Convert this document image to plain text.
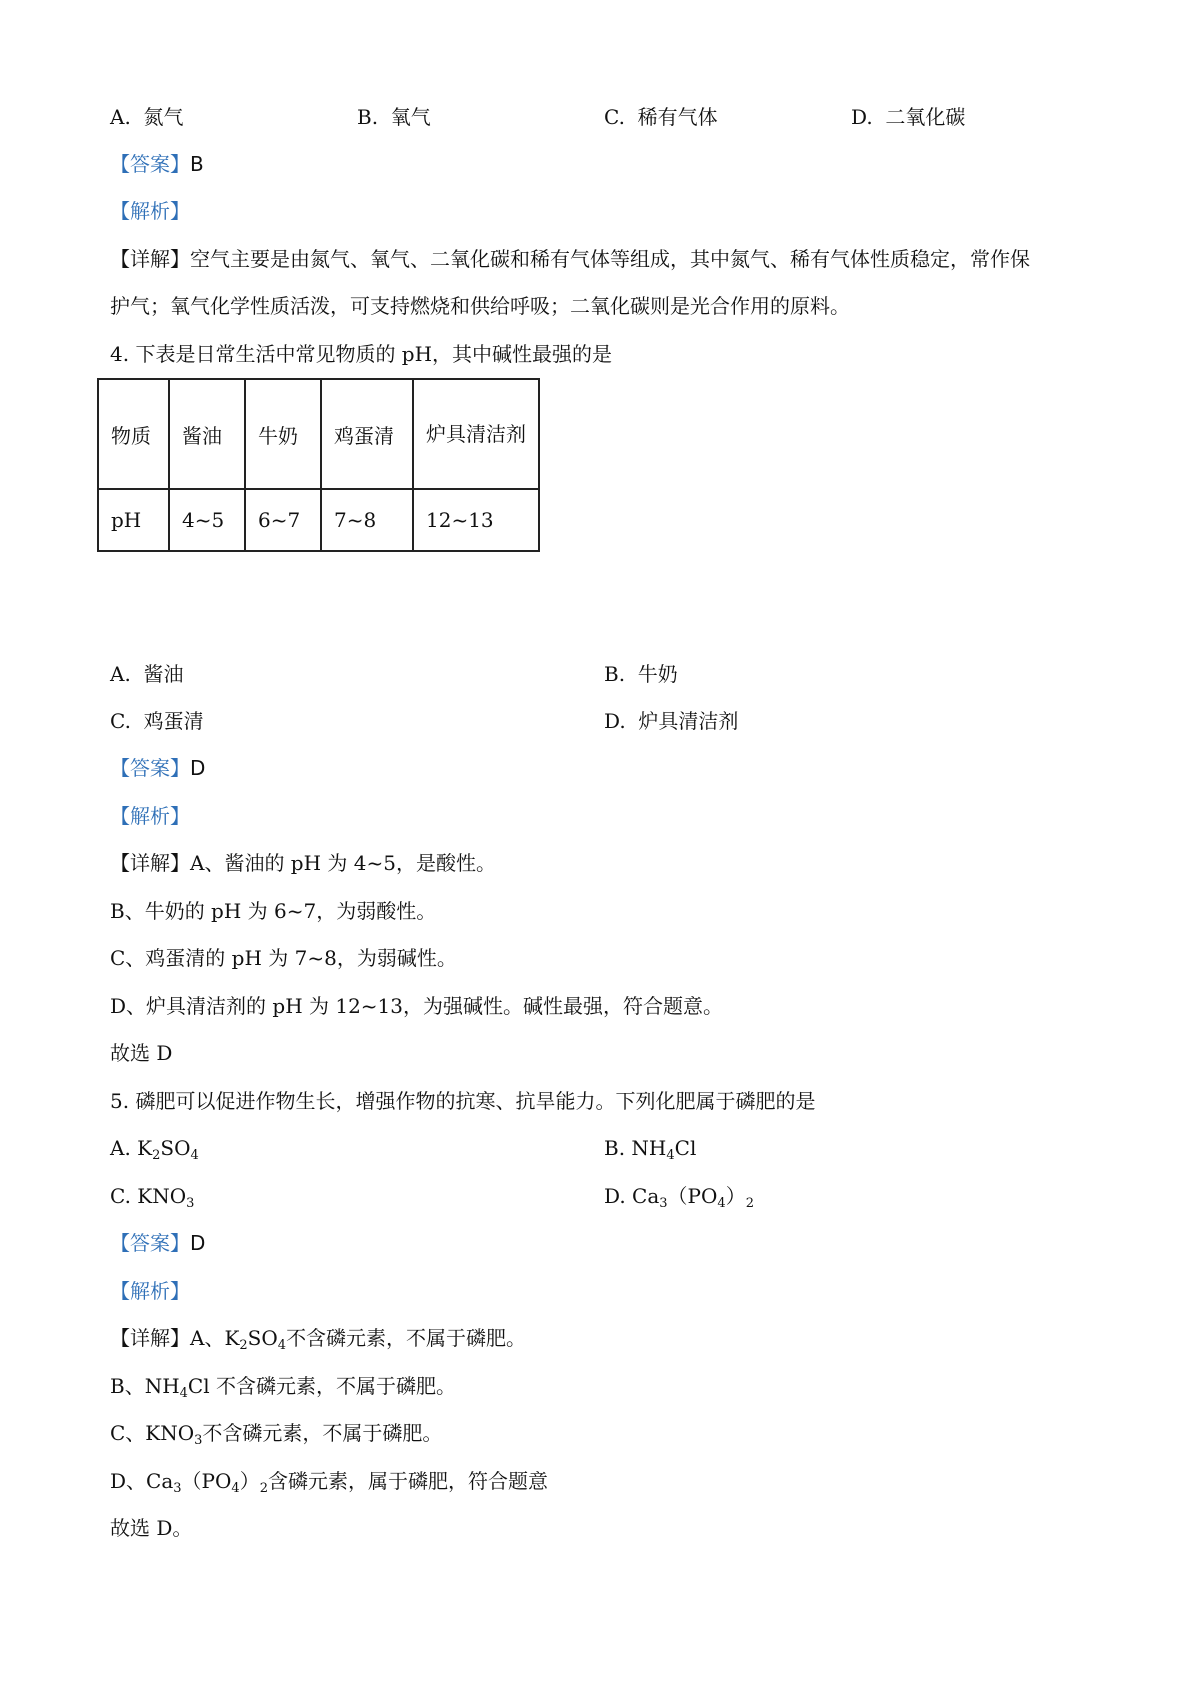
A. 氮气	B. 氧气	C. 稀有气体	D. 二氧化碳
【答案】B
【解析】
【详解】空气主要是由氮气、氧气、二氧化碳和稀有气体等组成，其中氮气、稀有气体性质稳定，常作保
护气；氧气化学性质活泼，可支持燃烧和供给呼吸；二氧化碳则是光合作用的原料。
4. 下表是日常生活中常见物质的 pH，其中碱性最强的是
物质	酱油	牛奶	鸡蛋清	炉具清洁剂

pH	4~5	6~7	7~8	12~13
A. 酱油	B. 牛奶
C. 鸡蛋清	D. 炉具清洁剂
【答案】D
【解析】
【详解】A、酱油的 pH 为 4~5，是酸性。
B、牛奶的 pH 为 6~7，为弱酸性。
C、鸡蛋清的 pH 为 7~8，为弱碱性。
D、炉具清洁剂的 pH 为 12~13，为强碱性。碱性最强，符合题意。
故选 D
5. 磷肥可以促进作物生长，增强作物的抗寒、抗旱能力。下列化肥属于磷肥的是
A. $K_2SO_4$	B. $NH_4Cl$
C. $KNO_3$	D. $Ca_3(PO_4)_2$
【答案】D
【解析】
【详解】A、$K_2SO_4$不含磷元素，不属于磷肥。
B、$NH_4Cl$ 不含磷元素，不属于磷肥。
C、$KNO_3$不含磷元素，不属于磷肥。
D、$Ca_3(PO_4)_2$含磷元素，属于磷肥，符合题意
故选 D。
